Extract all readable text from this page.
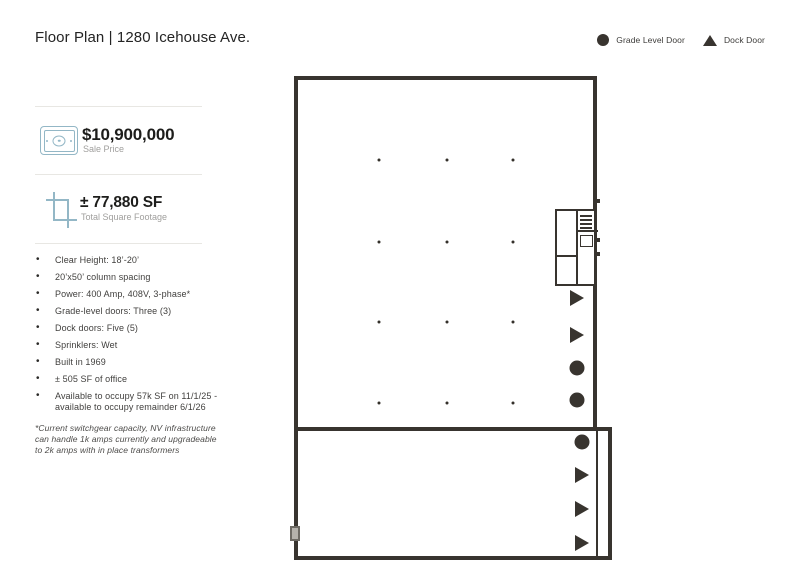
Floor Plan | 1280 Icehouse Ave.	Grade Level Door	Dock Door
$10,900,000
Sale Price
± 77,880 SF
Total Square Footage
• Clear Height: 18’-20’
• 20’x50’ column spacing
• Power: 400 Amp, 408V, 3-phase*
• Grade-level doors: Three (3)
• Dock doors: Five (5)
• Sprinklers: Wet
• Built in 1969
• ± 505 SF of office
• Available to occupy 57k SF on 11/1/25 - available to occupy remainder 6/1/26
*Current switchgear capacity, NV infrastructure can handle 1k amps currently and upgradeable to 2k amps with in place transformers
